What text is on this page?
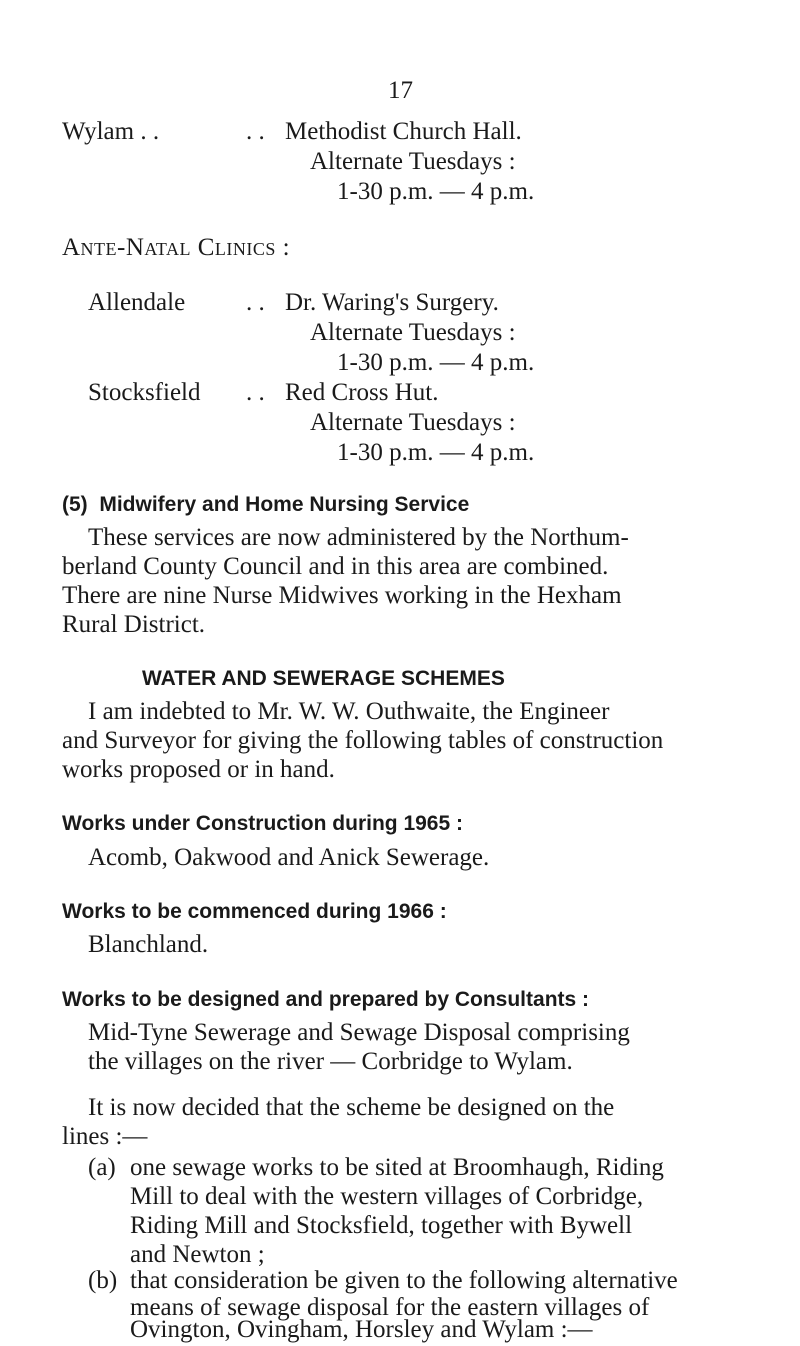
17
Wylam . .	. . Methodist Church Hall.
Alternate Tuesdays :
1-30 p.m. — 4 p.m.
Ante-Natal Clinics :
Allendale . . Dr. Waring's Surgery.
Alternate Tuesdays :
1-30 p.m. — 4 p.m.
Stocksfield . . Red Cross Hut.
Alternate Tuesdays :
1-30 p.m. — 4 p.m.
(5)  Midwifery and Home Nursing Service
These services are now administered by the Northum-
berland County Council and in this area are combined.
There are nine Nurse Midwives working in the Hexham
Rural District.
WATER AND SEWERAGE SCHEMES
I am indebted to Mr. W. W. Outhwaite, the Engineer
and Surveyor for giving the following tables of construction
works proposed or in hand.
Works under Construction during 1965 :
Acomb, Oakwood and Anick Sewerage.
Works to be commenced during 1966 :
Blanchland.
Works to be designed and prepared by Consultants :
Mid-Tyne Sewerage and Sewage Disposal comprising
the villages on the river — Corbridge to Wylam.
It is now decided that the scheme be designed on the
lines :—
(a) one sewage works to be sited at Broomhaugh, Riding
Mill to deal with the western villages of Corbridge,
Riding Mill and Stocksfield, together with Bywell
and Newton ;
(b) that consideration be given to the following alternative
means of sewage disposal for the eastern villages of
Ovington, Ovingham, Horsley and Wylam :—
